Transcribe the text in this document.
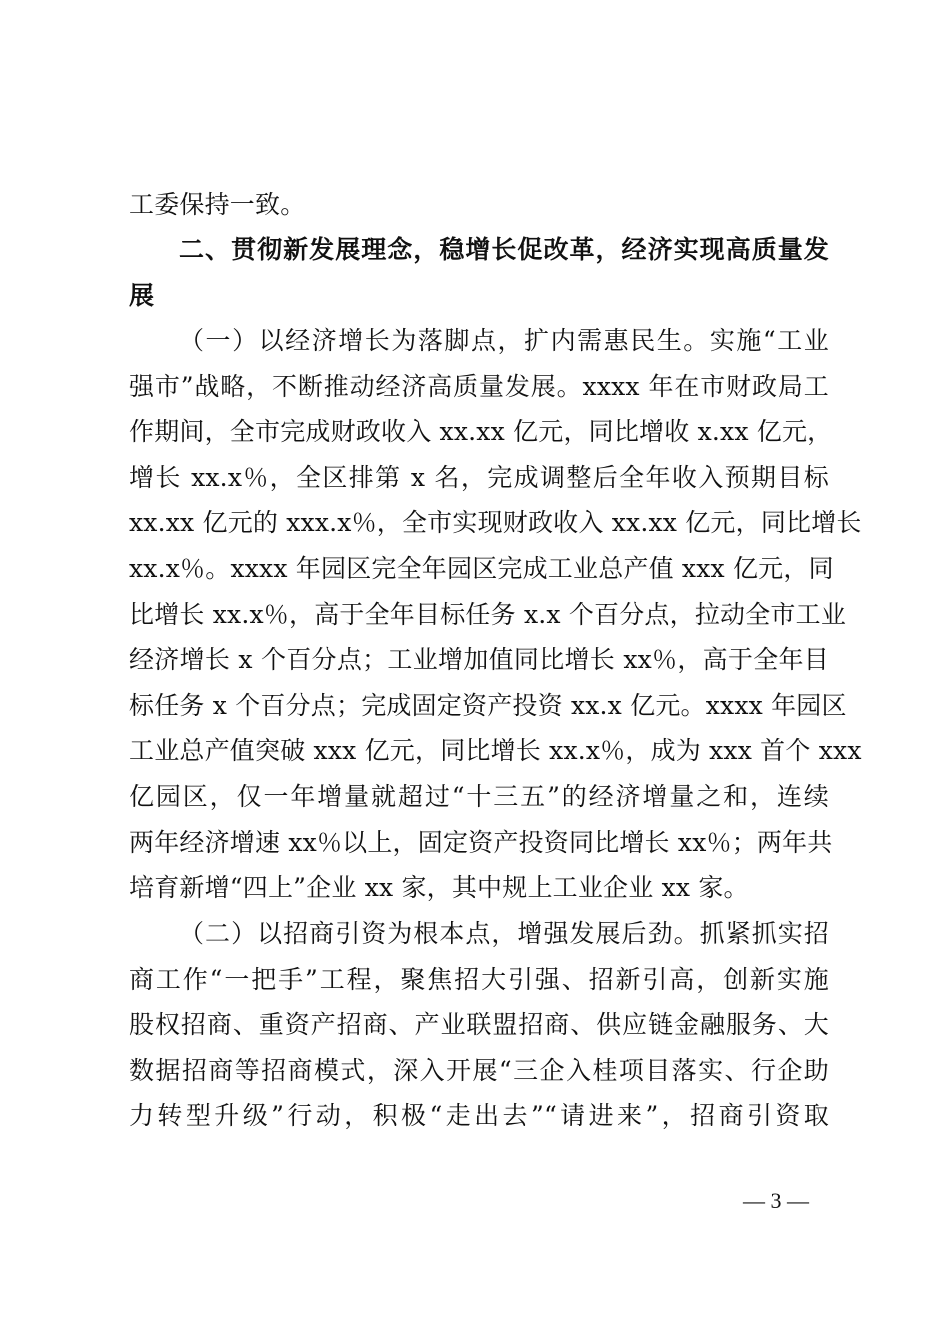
工委保持一致。
二、贯彻新发展理念，稳增长促改革，经济实现高质量发
展
（一）以经济增长为落脚点，扩内需惠民生。实施“工业
强市”战略，不断推动经济高质量发展。xxxx 年在市财政局工
作期间，全市完成财政收入 xx.xx 亿元，同比增收 x.xx 亿元，
增长 xx.x％，全区排第 x 名，完成调整后全年收入预期目标
xx.xx 亿元的 xxx.x％，全市实现财政收入 xx.xx 亿元，同比增长
xx.x％。xxxx 年园区完全年园区完成工业总产值 xxx 亿元，同
比增长 xx.x％，高于全年目标任务 x.x 个百分点，拉动全市工业
经济增长 x 个百分点；工业增加值同比增长 xx％，高于全年目
标任务 x 个百分点；完成固定资产投资 xx.x 亿元。xxxx 年园区
工业总产值突破 xxx 亿元，同比增长 xx.x％，成为 xxx 首个 xxx
亿园区，仅一年增量就超过“十三五”的经济增量之和，连续
两年经济增速 xx％以上，固定资产投资同比增长 xx％；两年共
培育新增“四上”企业 xx 家，其中规上工业企业 xx 家。
（二）以招商引资为根本点，增强发展后劲。抓紧抓实招
商工作“一把手”工程，聚焦招大引强、招新引高，创新实施
股权招商、重资产招商、产业联盟招商、供应链金融服务、大
数据招商等招商模式，深入开展“三企入桂项目落实、行企助
力转型升级”行动，积极“走出去”“请进来”，招商引资取
— 3 —
